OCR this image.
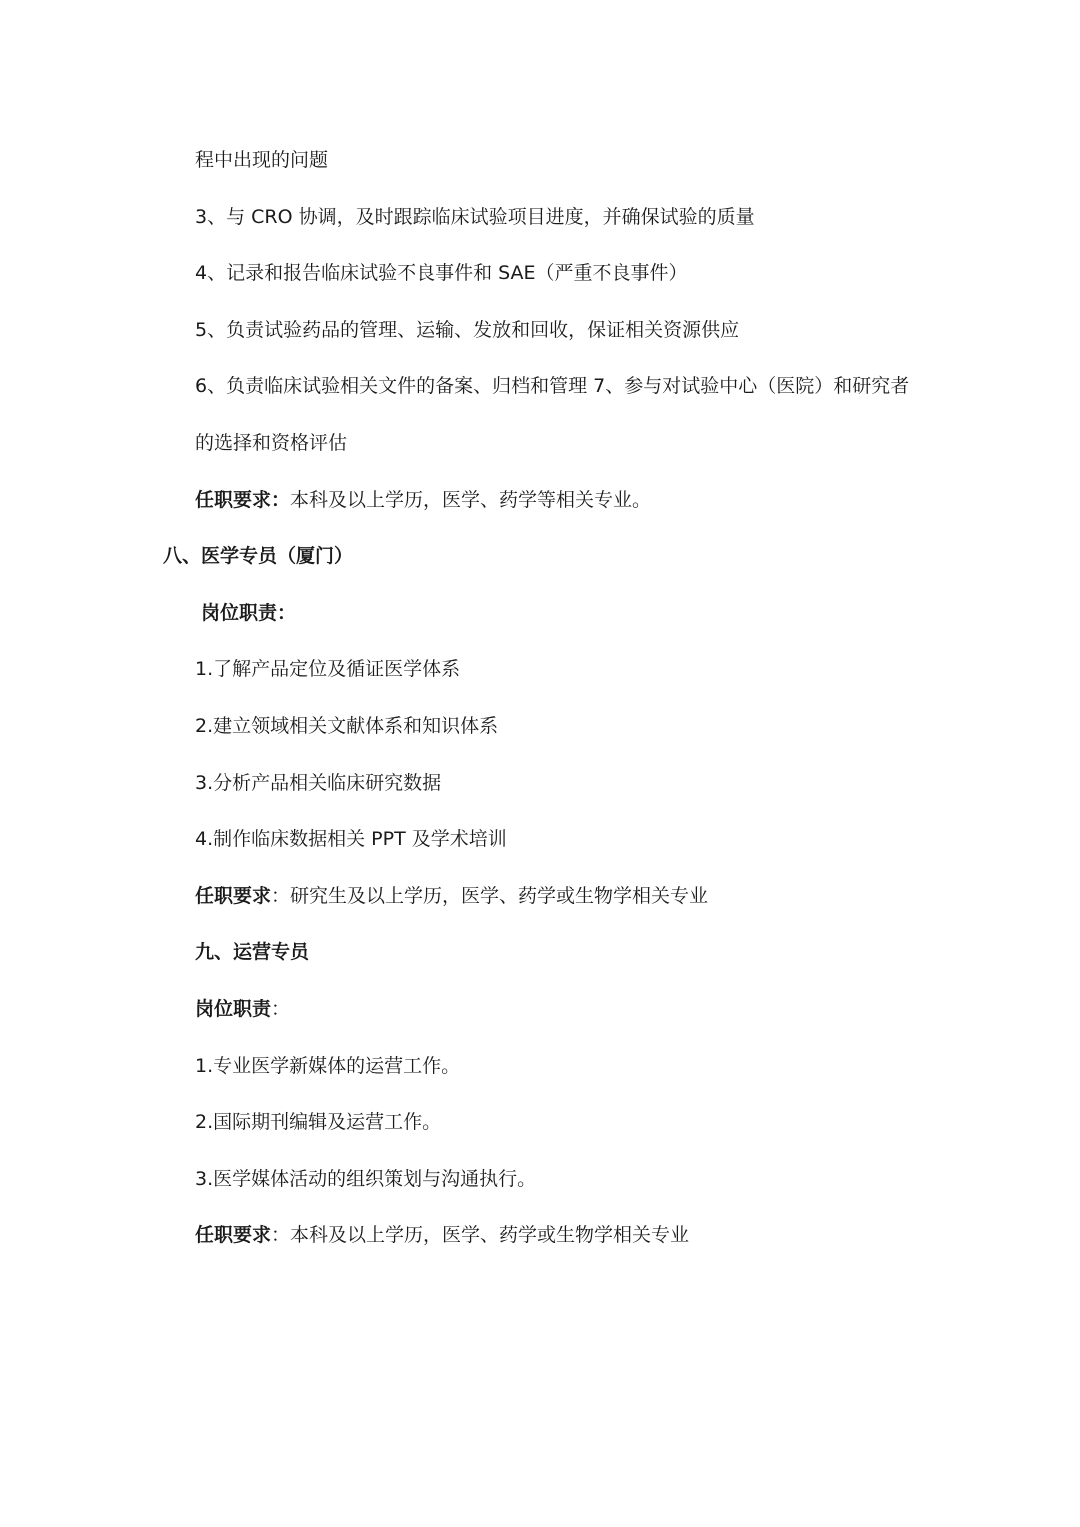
程中出现的问题
3、与 CRO 协调，及时跟踪临床试验项目进度，并确保试验的质量
4、记录和报告临床试验不良事件和 SAE（严重不良事件）
5、负责试验药品的管理、运输、发放和回收，保证相关资源供应
6、负责临床试验相关文件的备案、归档和管理 7、参与对试验中心（医院）和研究者
的选择和资格评估
任职要求：本科及以上学历，医学、药学等相关专业。
八、医学专员（厦门）
岗位职责：
1.了解产品定位及循证医学体系
2.建立领域相关文献体系和知识体系
3.分析产品相关临床研究数据
4.制作临床数据相关 PPT 及学术培训
任职要求：研究生及以上学历，医学、药学或生物学相关专业
九、运营专员
岗位职责：
1.专业医学新媒体的运营工作。
2.国际期刊编辑及运营工作。
3.医学媒体活动的组织策划与沟通执行。
任职要求：本科及以上学历，医学、药学或生物学相关专业
